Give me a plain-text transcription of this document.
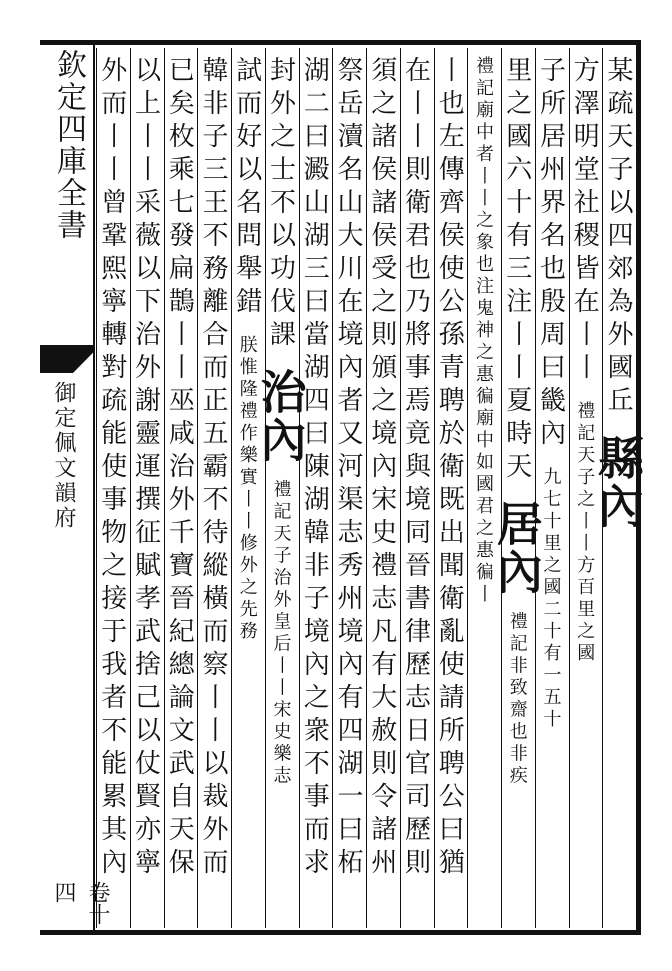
欽定四庫全書
御定佩文韻府
卷十四
某疏天子以四郊為外國丘 縣內
方澤明堂社稷皆在丨丨 禮記天子之丨丨方百里之國
子所居州界名也殷周曰畿內 九七十里之國二十有一五十
里之國六十有三注丨丨夏時天 居內 禮記非致齋也非疾
禮記廟中者丨丨之象也注鬼神之惠徧廟中如國君之惠徧丨
丨也左傳齊侯使公孫青聘於衛既出聞衛亂使請所聘公曰猶
在丨丨則衛君也乃將事焉竟與境同晉書律歷志日官司歷則
須之諸侯諸侯受之則頒之境內宋史禮志凡有大赦則令諸州
祭岳瀆名山大川在境內者又河渠志秀州境內有四湖一曰柘
湖二曰澱山湖三曰當湖四曰陳湖韓非子境內之衆不事而求
封外之士不以功伐課 治內 禮記天子治外皇后丨丨宋史樂志
試而好以名問舉錯 朕惟隆禮作樂實丨丨修外之先務
韓非子三王不務離合而正五霸不待縱橫而察丨丨以裁外而
已矣枚乘七發扁鵲丨丨巫咸治外千寶晉紀總論文武自天保
以上丨丨采薇以下治外謝靈運撰征賦孝武捨己以仗賢亦寧
外而丨丨曾鞏熙寧轉對疏能使事物之接于我者不能累其內
